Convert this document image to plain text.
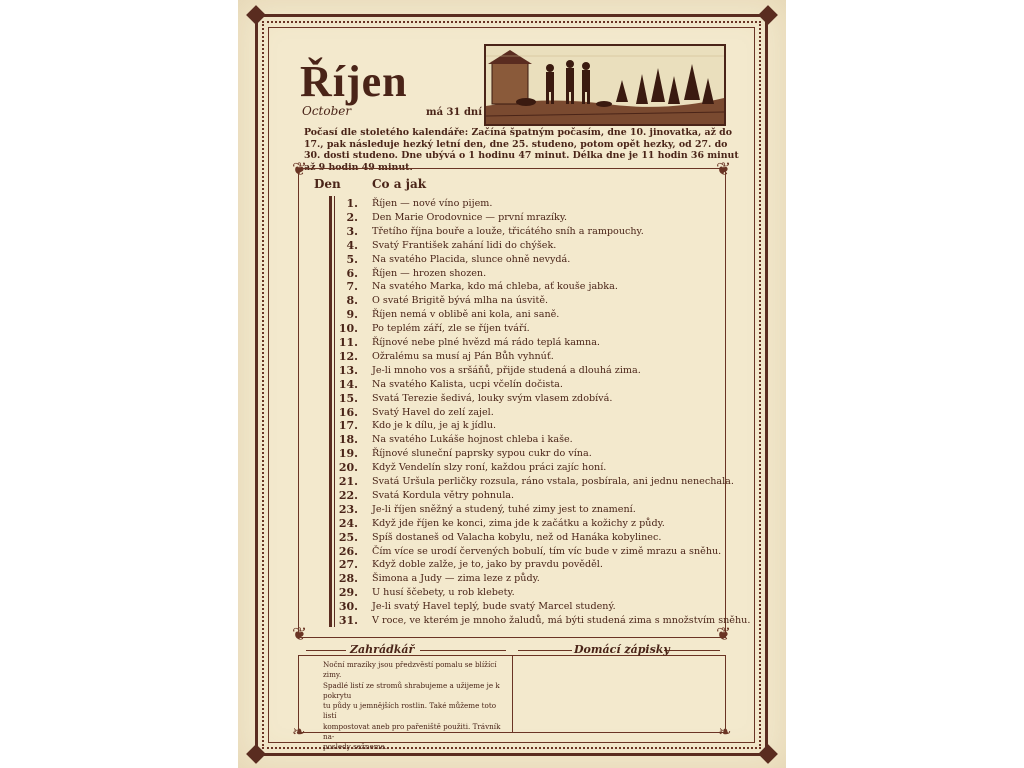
Říjen
October	má 31 dní
Počasí dle stoletého kalendáře: Začíná špatným počasím, dne 10. jinovatka, až do 17., pak následuje hezký letní den, dne 25. studeno, potom opět hezky, od 27. do 30. dosti studeno. Dne ubývá o 1 hodinu 47 minut. Délka dne je 11 hodin 36 minut až 9 hodin 49 minut.
❦	❦
❦	❦
Den	Co a jak
1. Říjen — nové víno pijem.
2. Den Marie Orodovnice — první mrazíky.
3. Třetího října bouře a louže, třicátého sníh a rampouchy.
4. Svatý František zahání lidi do chýšek.
5. Na svatého Placida, slunce ohně nevydá.
6. Říjen — hrozen shozen.
7. Na svatého Marka, kdo má chleba, ať kouše jabka.
8. O svaté Brigitě bývá mlha na úsvitě.
9. Říjen nemá v oblibě ani kola, ani saně.
10. Po teplém září, zle se říjen tváří.
11. Říjnové nebe plné hvězd má rádo teplá kamna.
12. Ožralému sa musí aj Pán Bůh vyhnúť.
13. Je-li mnoho vos a sršáňů, přijde studená a dlouhá zima.
14. Na svatého Kalista, ucpi včelín dočista.
15. Svatá Terezie šedivá, louky svým vlasem zdobívá.
16. Svatý Havel do zelí zajel.
17. Kdo je k dílu, je aj k jídlu.
18. Na svatého Lukáše hojnost chleba i kaše.
19. Říjnové sluneční paprsky sypou cukr do vína.
20. Když Vendelín slzy roní, každou práci zajíc honí.
21. Svatá Uršula perličky rozsula, ráno vstala, posbírala, ani jednu nenechala.
22. Svatá Kordula větry pohnula.
23. Je-li říjen sněžný a studený, tuhé zimy jest to znamení.
24. Když jde říjen ke konci, zima jde k začátku a kožichy z půdy.
25. Spíš dostaneš od Valacha kobylu, než od Hanáka kobylinec.
26. Čím více se urodí červených bobulí, tím víc bude v zimě mrazu a sněhu.
27. Když doble zalže, je to, jako by pravdu pověděl.
28. Šimona a Judy — zima leze z půdy.
29. U husí ščebety, u rob klebety.
30. Je-li svatý Havel teplý, bude svatý Marcel studený.
31. V roce, ve kterém je mnoho žaludů, má býti studená zima s množstvím sněhu.
Zahrádkář	Domácí zápisky
Noční mrazíky jsou předzvěstí pomalu se blížící zimy.
Spadlé listí ze stromů shrabujeme a užijeme je k pokrytu
tu půdy u jemnějších rostlin. Také můžeme toto listí
kompostovat aneb pro pařeniště použiti. Trávník na-
posledy sežneme.
❧	❧
